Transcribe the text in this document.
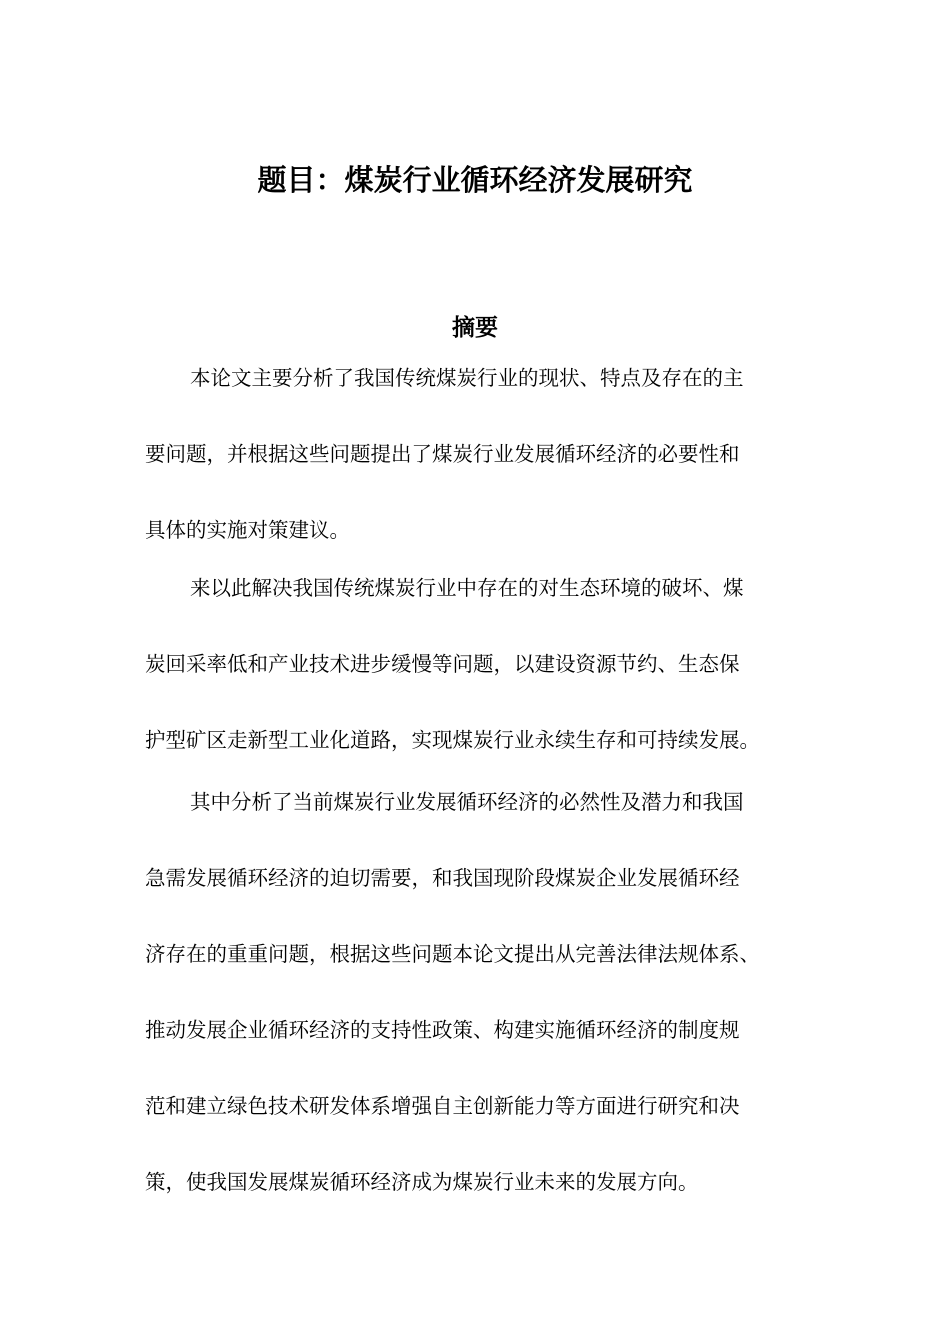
题目：煤炭行业循环经济发展研究
摘要

本论文主要分析了我国传统煤炭行业的现状、特点及存在的主
要问题，并根据这些问题提出了煤炭行业发展循环经济的必要性和
具体的实施对策建议。

来以此解决我国传统煤炭行业中存在的对生态环境的破坏、煤
炭回采率低和产业技术进步缓慢等问题，以建设资源节约、生态保
护型矿区走新型工业化道路，实现煤炭行业永续生存和可持续发展。

其中分析了当前煤炭行业发展循环经济的必然性及潜力和我国
急需发展循环经济的迫切需要，和我国现阶段煤炭企业发展循环经
济存在的重重问题，根据这些问题本论文提出从完善法律法规体系、
推动发展企业循环经济的支持性政策、构建实施循环经济的制度规
范和建立绿色技术研发体系增强自主创新能力等方面进行研究和决
策，使我国发展煤炭循环经济成为煤炭行业未来的发展方向。
